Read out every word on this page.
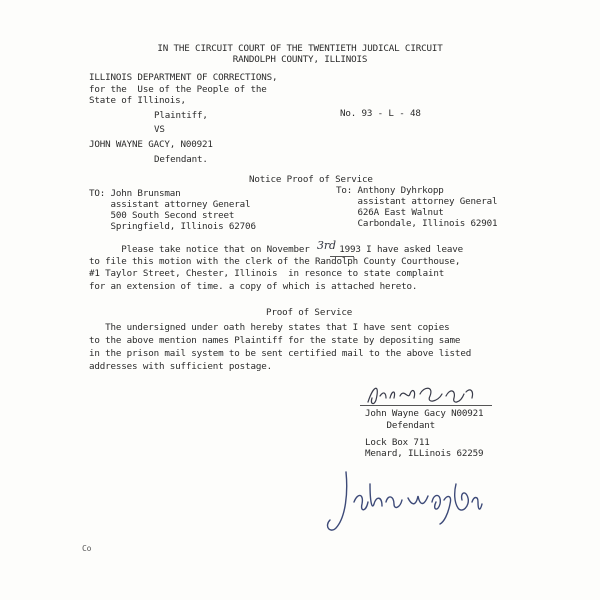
IN THE CIRCUIT COURT OF THE TWENTIETH JUDICAL CIRCUIT
RANDOLPH COUNTY, ILLINOIS
ILLINOIS DEPARTMENT OF CORRECTIONS,
for the  Use of the People of the
State of Illinois,
Plaintiff,
VS
JOHN WAYNE GACY, N00921
Defendant.
No. 93 - L - 48
Notice Proof of Service
TO: John Brunsman
assistant attorney General
500 South Second street
Springfield, Illinois 62706
To: Anthony Dyhrkopp
assistant attorney General
626A East Walnut
Carbondale, Illinois 62901
Please take notice that on November 3rd 1993 I have asked leave
to file this motion with the clerk of the Randolph County Courthouse,
#1 Taylor Street, Chester, Illinois  in resonce to state complaint
for an extension of time. a copy of which is attached hereto.
Proof of Service
The undersigned under oath hereby states that I have sent copies
to the above mention names Plaintiff for the state by depositing same
in the prison mail system to be sent certified mail to the above listed
addresses with sufficient postage.
John Wayne Gacy N00921
Defendant
Lock Box 711
Menard, ILLinois 62259
Co
